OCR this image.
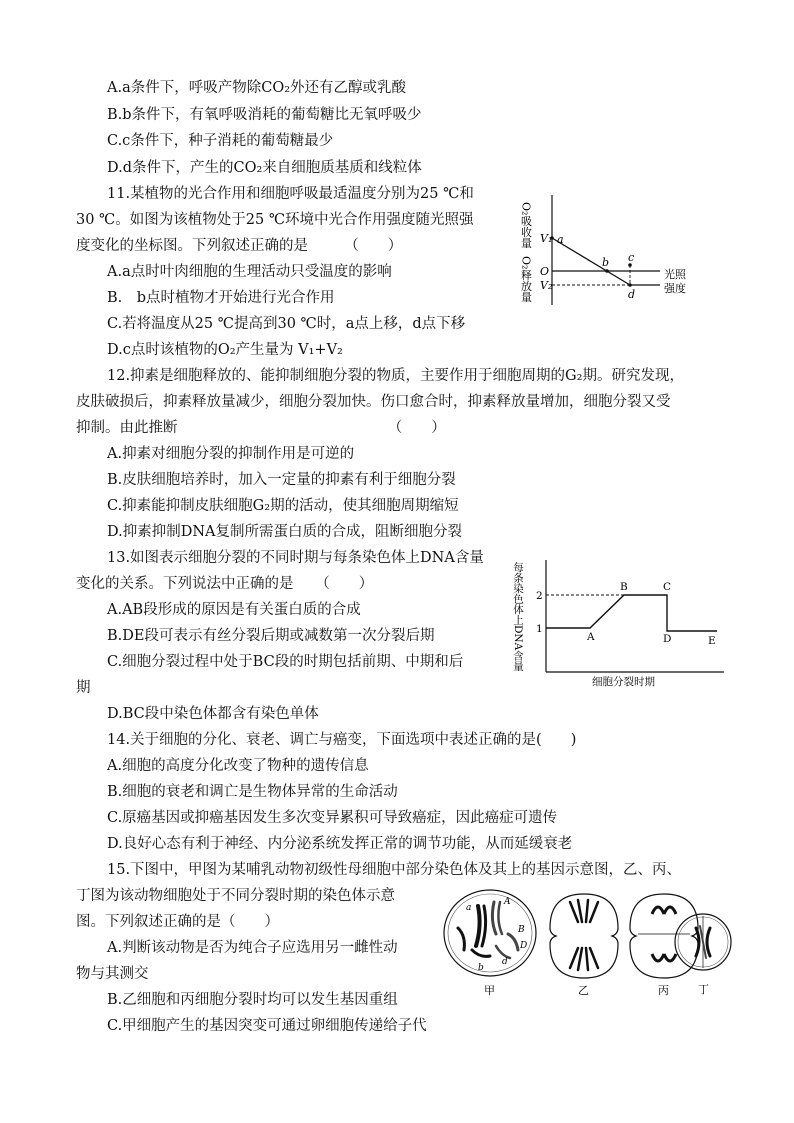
A.a条件下，呼吸产物除CO₂外还有乙醇或乳酸
B.b条件下，有氧呼吸消耗的葡萄糖比无氧呼吸少
C.c条件下，种子消耗的葡萄糖最少
D.d条件下，产生的CO₂来自细胞质基质和线粒体
11.某植物的光合作用和细胞呼吸最适温度分别为25 ℃和
30 ℃。如图为该植物处于25 ℃环境中光合作用强度随光照强
度变化的坐标图。下列叙述正确的是　　　（　　）
A.a点时叶肉细胞的生理活动只受温度的影响
B.　b点时植物才开始进行光合作用
C.若将温度从25 ℃提高到30 ℃时，a点上移，d点下移
D.c点时该植物的O₂产生量为 V₁+V₂
O₂吸收量
O₂释放量
V₁
V₂
O
a
b c
d
光照
强度
12.抑素是细胞释放的、能抑制细胞分裂的物质，主要作用于细胞周期的G₂期。研究发现，
皮肤破损后，抑素释放量减少，细胞分裂加快。伤口愈合时，抑素释放量增加，细胞分裂又受
抑制。由此推断　　　　　　　　　　　　　　　（　　）
A.抑素对细胞分裂的抑制作用是可逆的
B.皮肤细胞培养时，加入一定量的抑素有利于细胞分裂
C.抑素能抑制皮肤细胞G₂期的活动，使其细胞周期缩短
D.抑素抑制DNA复制所需蛋白质的合成，阻断细胞分裂
13.如图表示细胞分裂的不同时期与每条染色体上DNA含量
变化的关系。下列说法中正确的是　　（　　）
A.AB段形成的原因是有关蛋白质的合成
B.DE段可表示有丝分裂后期或减数第一次分裂后期
C.细胞分裂过程中处于BC段的时期包括前期、中期和后
期
D.BC段中染色体都含有染色单体
每条染色体上DNA含量 2
1
A
B	C
D	E
细胞分裂时期
14.关于细胞的分化、衰老、调亡与癌变，下面选项中表述正确的是(　　)
A.细胞的高度分化改变了物种的遗传信息
B.细胞的衰老和调亡是生物体异常的生命活动
C.原癌基因或抑癌基因发生多次变异累积可导致癌症，因此癌症可遗传
D.良好心态有利于神经、内分泌系统发挥正常的调节功能，从而延缓衰老
15.下图中，甲图为某哺乳动物初级性母细胞中部分染色体及其上的基因示意图，乙、丙、
丁图为该动物细胞处于不同分裂时期的染色体示意
图。下列叙述正确的是（　　）
A.判断该动物是否为纯合子应选用另一雌性动
物与其测交
B.乙细胞和丙细胞分裂时均可以发生基因重组
C.甲细胞产生的基因突变可通过卵细胞传递给子代
A
a
B
b
D
d
甲	乙	丙	丁
